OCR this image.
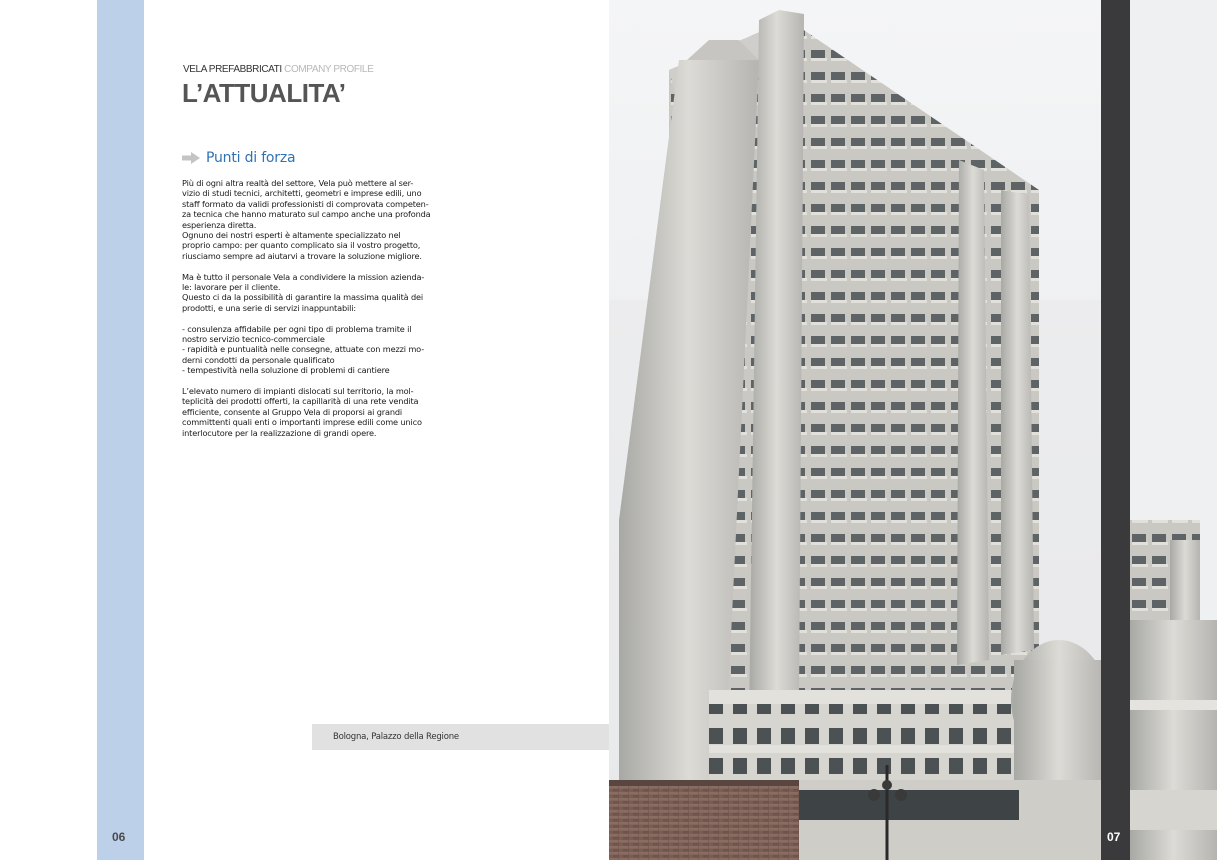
06
VELA PREFABBRICATI COMPANY PROFILE
L’ATTUALITA’
Punti di forza

Più di ogni altra realtà del settore, Vela può mettere al ser-

vizio di studi tecnici, architetti, geometri e imprese edili, uno

staff formato da validi professionisti di comprovata competen-

za tecnica che hanno maturato sul campo anche una profonda

esperienza diretta.

Ognuno dei nostri esperti è altamente specializzato nel

proprio campo: per quanto complicato sia il vostro progetto,

riusciamo sempre ad aiutarvi a trovare la soluzione migliore.

Ma è tutto il personale Vela a condividere la mission azienda-

le: lavorare per il cliente.

Questo ci da la possibilità di garantire la massima qualità dei

prodotti, e una serie di servizi inappuntabili:

- consulenza affidabile per ogni tipo di problema tramite il

nostro servizio tecnico-commerciale

- rapidità e puntualità nelle consegne, attuate con mezzi mo-

derni condotti da personale qualificato

- tempestività nella soluzione di problemi di cantiere

L’elevato numero di impianti dislocati sul territorio, la mol-

teplicità dei prodotti offerti, la capillarità di una rete vendita

efficiente, consente al Gruppo Vela di proporsi ai grandi

committenti quali enti o importanti imprese edili come unico

interlocutore per la realizzazione di grandi opere.

Bologna, Palazzo della Regione
07
